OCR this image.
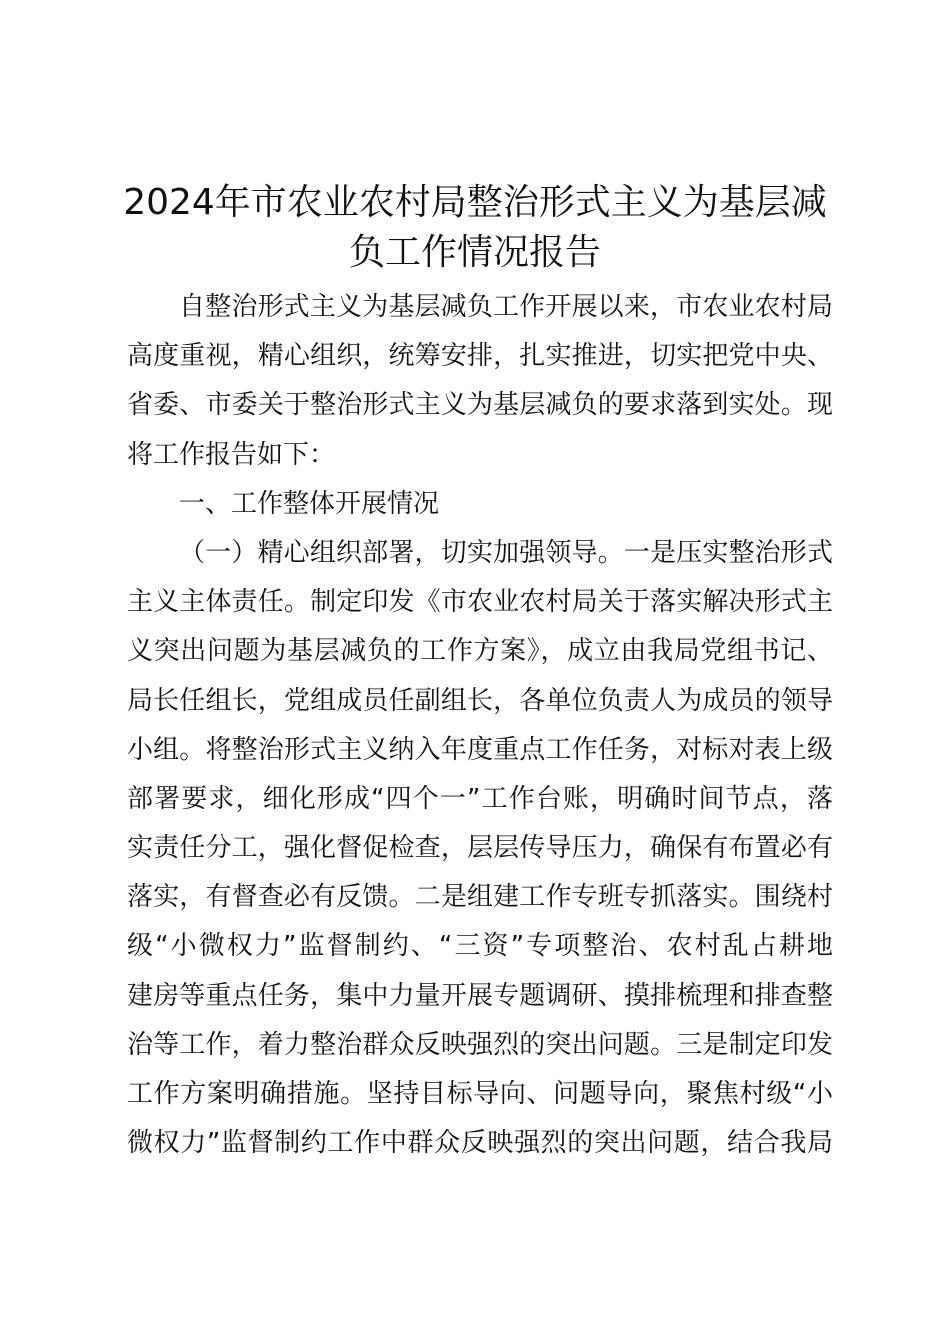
2024年市农业农村局整治形式主义为基层减
负工作情况报告
自整治形式主义为基层减负工作开展以来，市农业农村局
高度重视，精心组织，统筹安排，扎实推进，切实把党中央、
省委、市委关于整治形式主义为基层减负的要求落到实处。现
将工作报告如下：
一、工作整体开展情况
（一）精心组织部署，切实加强领导。一是压实整治形式
主义主体责任。制定印发《市农业农村局关于落实解决形式主
义突出问题为基层减负的工作方案》，成立由我局党组书记、
局长任组长，党组成员任副组长，各单位负责人为成员的领导
小组。将整治形式主义纳入年度重点工作任务，对标对表上级
部署要求，细化形成“四个一”工作台账，明确时间节点，落
实责任分工，强化督促检查，层层传导压力，确保有布置必有
落实，有督查必有反馈。二是组建工作专班专抓落实。围绕村
级“小微权力”监督制约、“三资”专项整治、农村乱占耕地
建房等重点任务，集中力量开展专题调研、摸排梳理和排查整
治等工作，着力整治群众反映强烈的突出问题。三是制定印发
工作方案明确措施。坚持目标导向、问题导向，聚焦村级“小
微权力”监督制约工作中群众反映强烈的突出问题，结合我局
